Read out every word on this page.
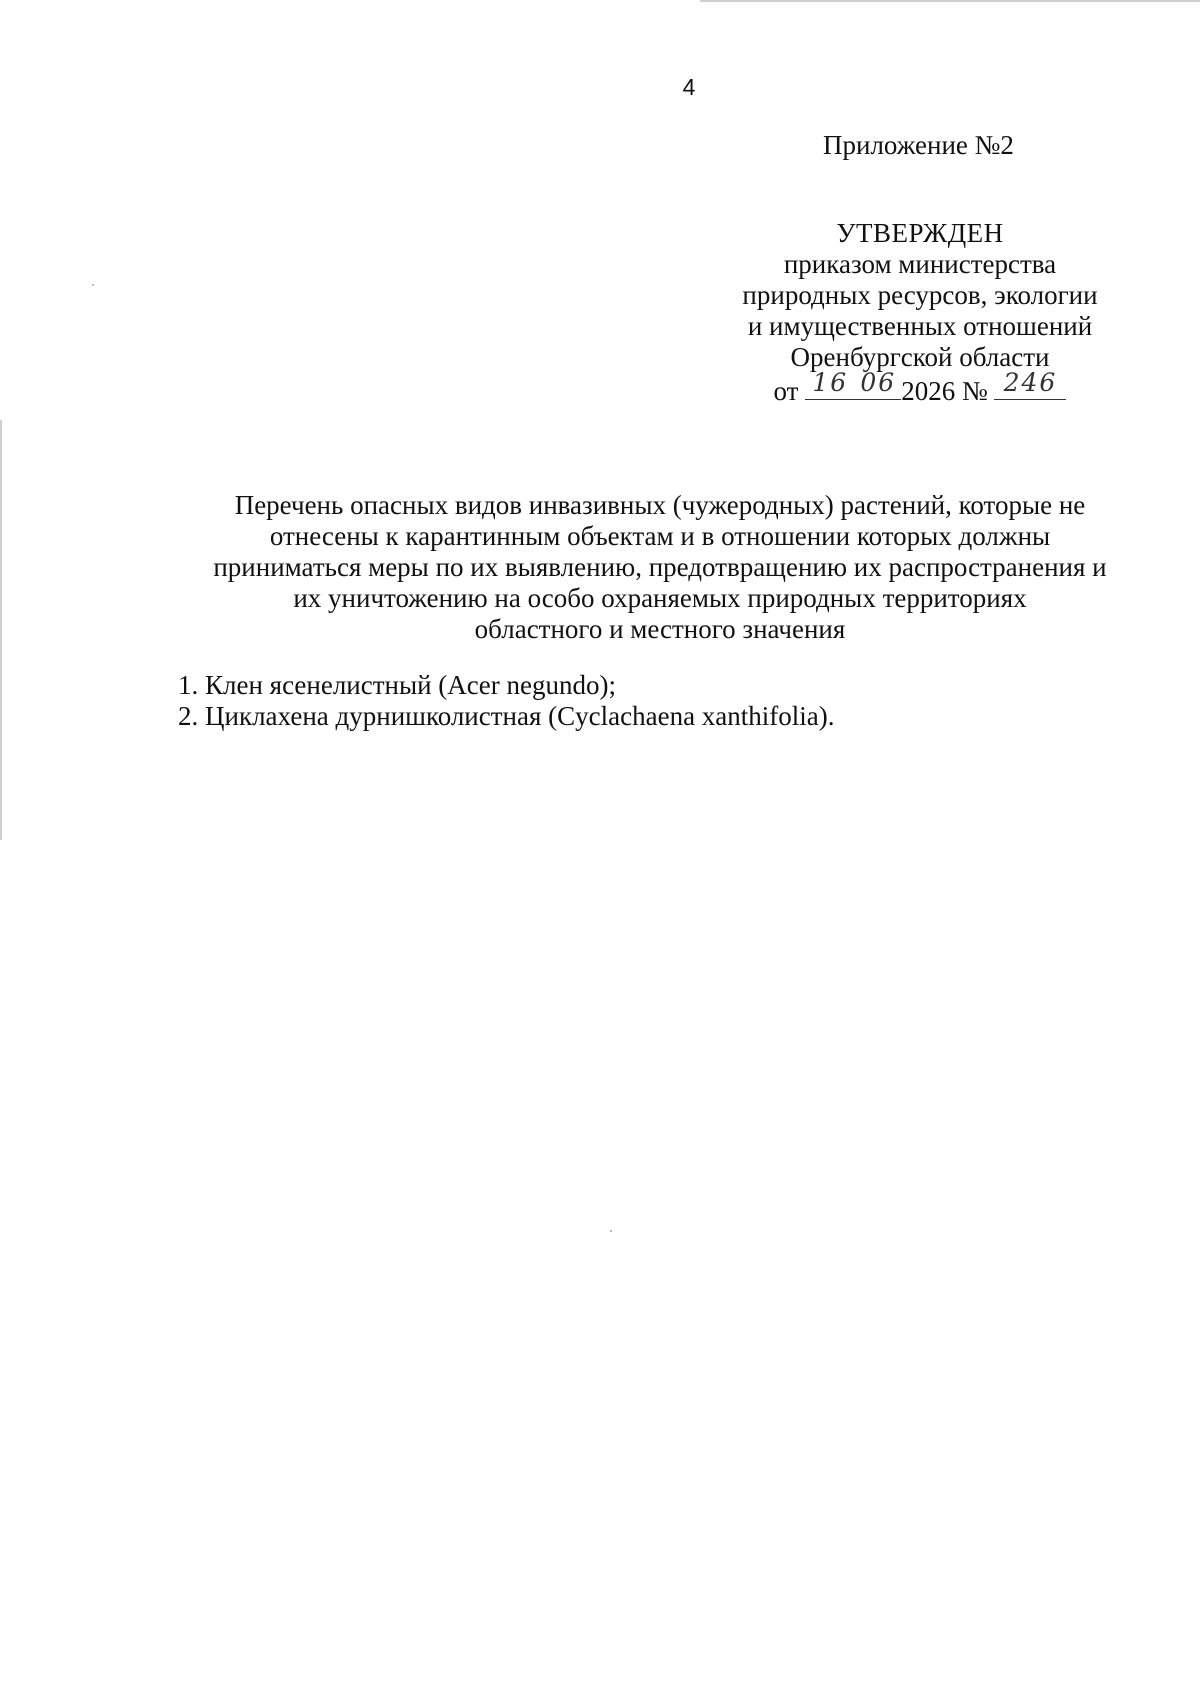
4
Приложение №2
УТВЕРЖДЕН
приказом министерства
природных ресурсов, экологии
и имущественных отношений
Оренбургской области
от 16 06 2026 № 246
Перечень опасных видов инвазивных (чужеродных) растений, которые не
отнесены к карантинным объектам и в отношении которых должны
приниматься меры по их выявлению, предотвращению их распространения и
их уничтожению на особо охраняемых природных территориях
областного и местного значения
1. Клен ясенелистный (Acer negundo);
2. Циклахена дурнишколистная (Cyclachaena xanthifolia).
